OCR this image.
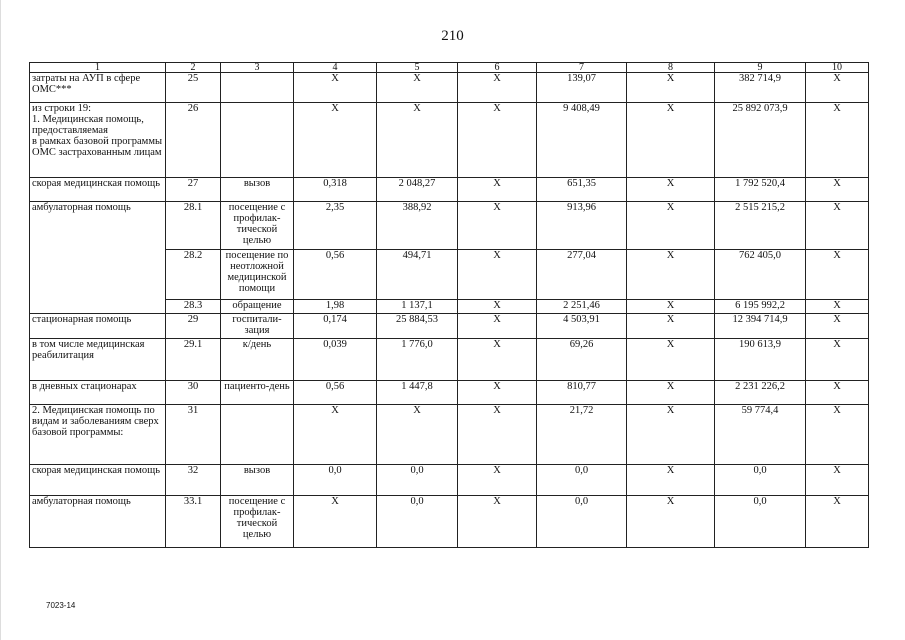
210
1	2	3	4	5	6	7	8	9	10
затраты на АУП в сфере ОМС***	25		Х	Х	Х	139,07	Х	382 714,9	Х
из строки 19:
1. Медицинская помощь, предоставляемая
в рамках базовой программы ОМС застрахованным лицам	26		Х	Х	Х	9 408,49	Х	25 892 073,9	Х
скорая медицинская помощь	27	вызов	0,318	2 048,27	Х	651,35	Х	1 792 520,4	Х
амбулаторная помощь	28.1	посещение с профилак-тической целью	2,35	388,92	Х	913,96	Х	2 515 215,2	Х
	28.2	посещение по неотложной медицинской помощи	0,56	494,71	Х	277,04	Х	762 405,0	Х
	28.3	обращение	1,98	1 137,1	Х	2 251,46	Х	6 195 992,2	Х
стационарная помощь	29	госпитали-зация	0,174	25 884,53	Х	4 503,91	Х	12 394 714,9	Х
в том числе медицинская реабилитация	29.1	к/день	0,039	1 776,0	Х	69,26	Х	190 613,9	Х
в дневных стационарах	30	пациенто-день	0,56	1 447,8	Х	810,77	Х	2 231 226,2	Х
2. Медицинская помощь по видам и заболеваниям сверх базовой программы:	31		Х	Х	Х	21,72	Х	59 774,4	Х
скорая медицинская помощь	32	вызов	0,0	0,0	Х	0,0	Х	0,0	Х
амбулаторная помощь	33.1	посещение с профилак-тической целью	Х	0,0	Х	0,0	Х	0,0	Х
7023-14
